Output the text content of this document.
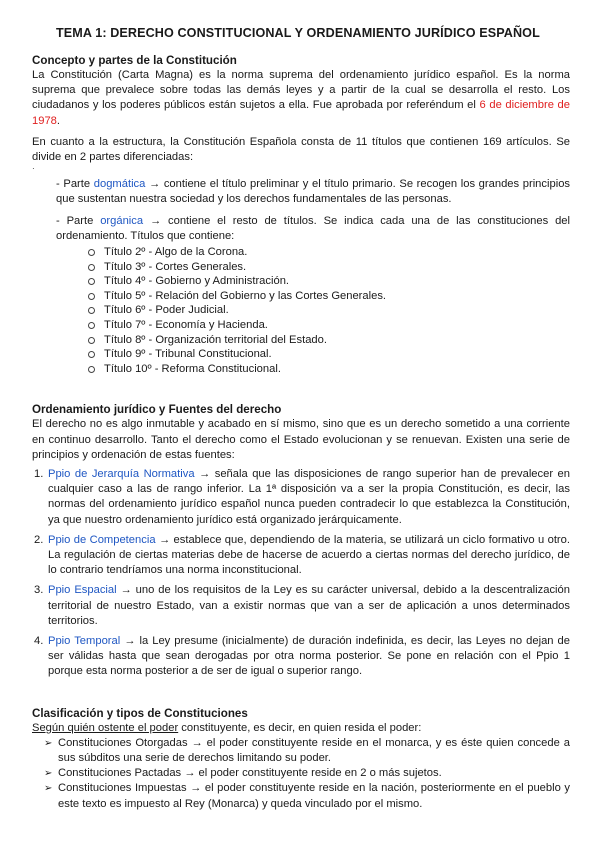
TEMA 1: DERECHO CONSTITUCIONAL Y ORDENAMIENTO JURÍDICO ESPAÑOL
Concepto y partes de la Constitución

La Constitución (Carta Magna) es la norma suprema del ordenamiento jurídico español. Es la norma suprema que prevalece sobre todas las demás leyes y a partir de la cual se desarrolla el resto. Los ciudadanos y los poderes públicos están sujetos a ella. Fue aprobada por referéndum el 6 de diciembre de 1978.

En cuanto a la estructura, la Constitución Española consta de 11 títulos que contienen 169 artículos. Se divide en 2 partes diferenciadas:

·
- Parte dogmática → contiene el título preliminar y el título primario. Se recogen los grandes principios que sustentan nuestra sociedad y los derechos fundamentales de las personas.
- Parte orgánica → contiene el resto de títulos. Se indica cada una de las constituciones del ordenamiento. Títulos que contiene:
Título 2º - Algo de la Corona.
Título 3º - Cortes Generales.
Título 4º - Gobierno y Administración.
Título 5º - Relación del Gobierno y las Cortes Generales.
Título 6º - Poder Judicial.
Título 7º - Economía y Hacienda.
Título 8º - Organización territorial del Estado.
Título 9º - Tribunal Constitucional.
Título 10º - Reforma Constitucional.
Ordenamiento jurídico y Fuentes del derecho

El derecho no es algo inmutable y acabado en sí mismo, sino que es un derecho sometido a una corriente en continuo desarrollo. Tanto el derecho como el Estado evolucionan y se renuevan. Existen una serie de principios y ordenación de estas fuentes:

1. Ppio de Jerarquía Normativa → señala que las disposiciones de rango superior han de prevalecer en cualquier caso a las de rango inferior. La 1ª disposición va a ser la propia Constitución, es decir, las normas del ordenamiento jurídico español nunca pueden contradecir lo que establezca la Constitución, ya que nuestro ordenamiento jurídico está organizado jerárquicamente.
2. Ppio de Competencia → establece que, dependiendo de la materia, se utilizará un ciclo formativo u otro. La regulación de ciertas materias debe de hacerse de acuerdo a ciertas normas del derecho jurídico, de lo contrario tendríamos una norma inconstitucional.
3. Ppio Espacial → uno de los requisitos de la Ley es su carácter universal, debido a la descentralización territorial de nuestro Estado, van a existir normas que van a ser de aplicación a unos determinados territorios.
4. Ppio Temporal → la Ley presume (inicialmente) de duración indefinida, es decir, las Leyes no dejan de ser válidas hasta que sean derogadas por otra norma posterior. Se pone en relación con el Ppio 1 porque esta norma posterior a de ser de igual o superior rango.
Clasificación y tipos de Constituciones

Según quién ostente el poder constituyente, es decir, en quien resida el poder:

➢ Constituciones Otorgadas → el poder constituyente reside en el monarca, y es éste quien concede a sus súbditos una serie de derechos limitando su poder.
➢ Constituciones Pactadas → el poder constituyente reside en 2 o más sujetos.
➢ Constituciones Impuestas → el poder constituyente reside en la nación, posteriormente en el pueblo y este texto es impuesto al Rey (Monarca) y queda vinculado por el mismo.
